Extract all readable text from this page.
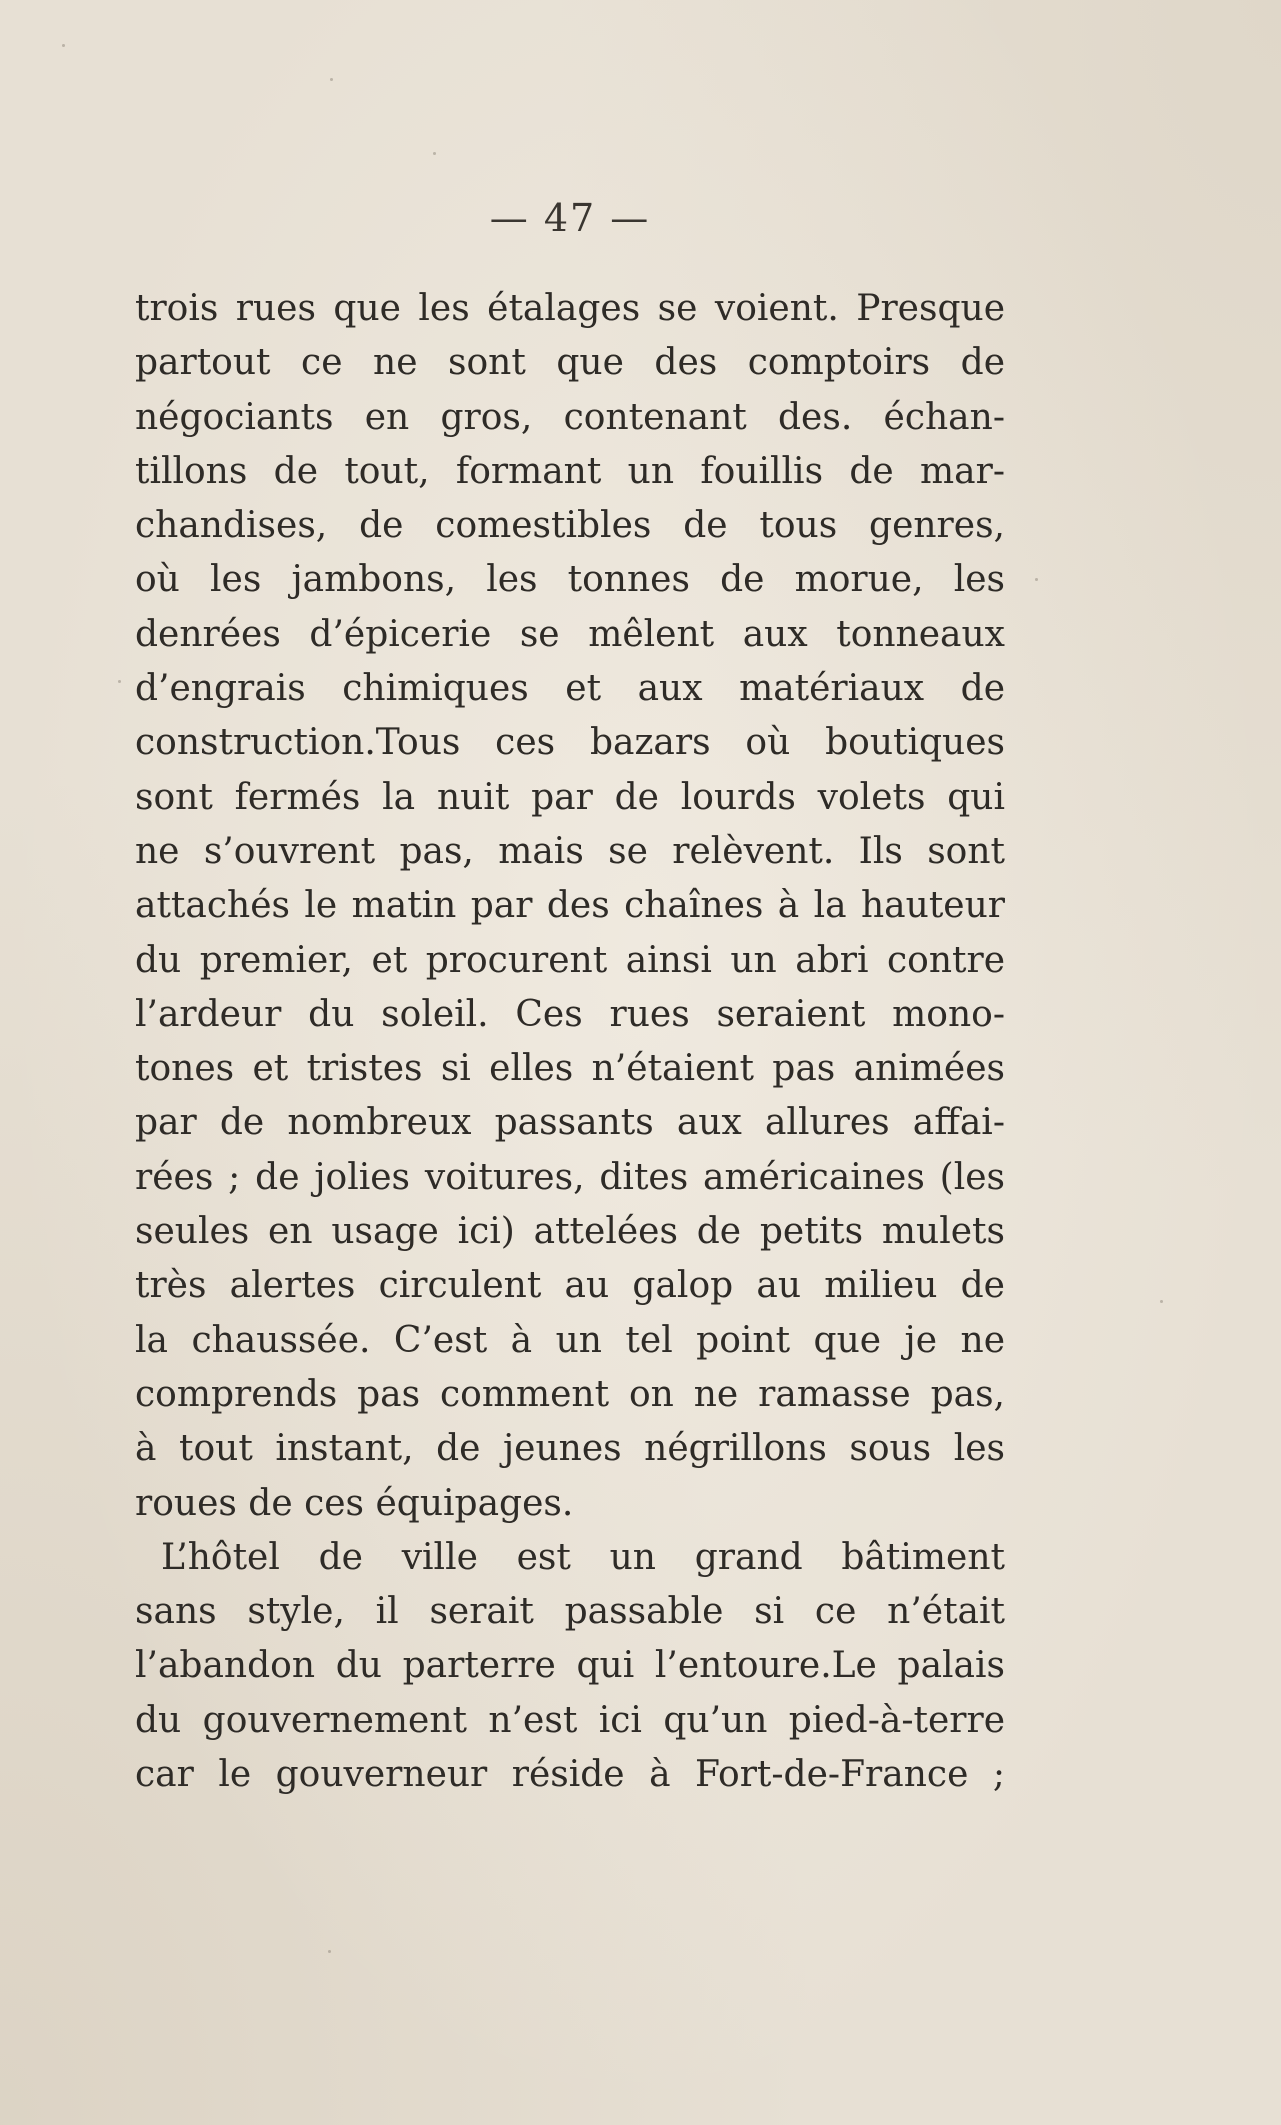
— 47 —
trois rues que les étalages se voient. Presque
partout ce ne sont que des comptoirs de
négociants en gros, contenant des. échan-
tillons de tout, formant un fouillis de mar-
chandises, de comestibles de tous genres,
où les jambons, les tonnes de morue, les
denrées d’épicerie se mêlent aux tonneaux
d’engrais chimiques et aux matériaux de
construction.Tous ces bazars où boutiques
sont fermés la nuit par de lourds volets qui
ne s’ouvrent pas, mais se relèvent. Ils sont
attachés le matin par des chaînes à la hauteur
du premier, et procurent ainsi un abri contre
l’ardeur du soleil. Ces rues seraient mono-
tones et tristes si elles n’étaient pas animées
par de nombreux passants aux allures affai-
rées ; de jolies voitures, dites américaines (les
seules en usage ici) attelées de petits mulets
très alertes circulent au galop au milieu de
la chaussée. C’est à un tel point que je ne
comprends pas comment on ne ramasse pas,
à tout instant, de jeunes négrillons sous les
roues de ces équipages.
L’hôtel de ville est un grand bâtiment
sans style, il serait passable si ce n’était
l’abandon du parterre qui l’entoure.Le palais
du gouvernement n’est ici qu’un pied-à-terre
car le gouverneur réside à Fort-de-France ;
